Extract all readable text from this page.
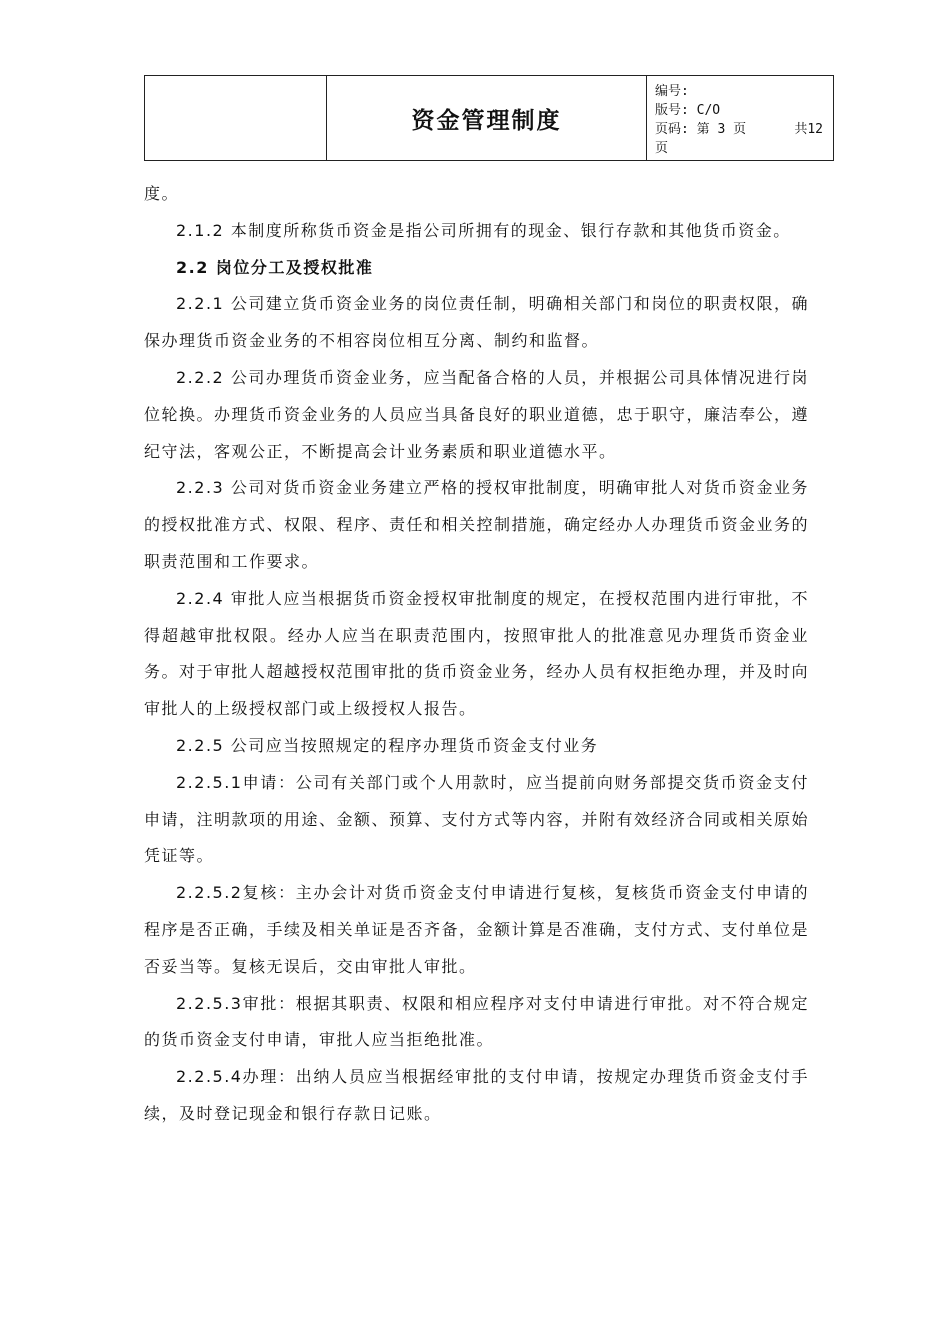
资金管理制度
编号:
版号: C/O
页码: 第 3 页	共12
页

度。

2.1.2 本制度所称货币资金是指公司所拥有的现金、银行存款和其他货币资金。

2.2 岗位分工及授权批准

2.2.1 公司建立货币资金业务的岗位责任制，明确相关部门和岗位的职责权限，确保办理货币资金业务的不相容岗位相互分离、制约和监督。

2.2.2 公司办理货币资金业务，应当配备合格的人员，并根据公司具体情况进行岗位轮换。办理货币资金业务的人员应当具备良好的职业道德，忠于职守，廉洁奉公，遵纪守法，客观公正，不断提高会计业务素质和职业道德水平。

2.2.3 公司对货币资金业务建立严格的授权审批制度，明确审批人对货币资金业务的授权批准方式、权限、程序、责任和相关控制措施，确定经办人办理货币资金业务的职责范围和工作要求。

2.2.4 审批人应当根据货币资金授权审批制度的规定，在授权范围内进行审批，不得超越审批权限。经办人应当在职责范围内，按照审批人的批准意见办理货币资金业务。对于审批人超越授权范围审批的货币资金业务，经办人员有权拒绝办理，并及时向审批人的上级授权部门或上级授权人报告。

2.2.5 公司应当按照规定的程序办理货币资金支付业务

2.2.5.1申请：公司有关部门或个人用款时，应当提前向财务部提交货币资金支付申请，注明款项的用途、金额、预算、支付方式等内容，并附有效经济合同或相关原始凭证等。

2.2.5.2复核：主办会计对货币资金支付申请进行复核，复核货币资金支付申请的程序是否正确，手续及相关单证是否齐备，金额计算是否准确，支付方式、支付单位是否妥当等。复核无误后，交由审批人审批。

2.2.5.3审批：根据其职责、权限和相应程序对支付申请进行审批。对不符合规定的货币资金支付申请，审批人应当拒绝批准。

2.2.5.4办理：出纳人员应当根据经审批的支付申请，按规定办理货币资金支付手续，及时登记现金和银行存款日记账。
